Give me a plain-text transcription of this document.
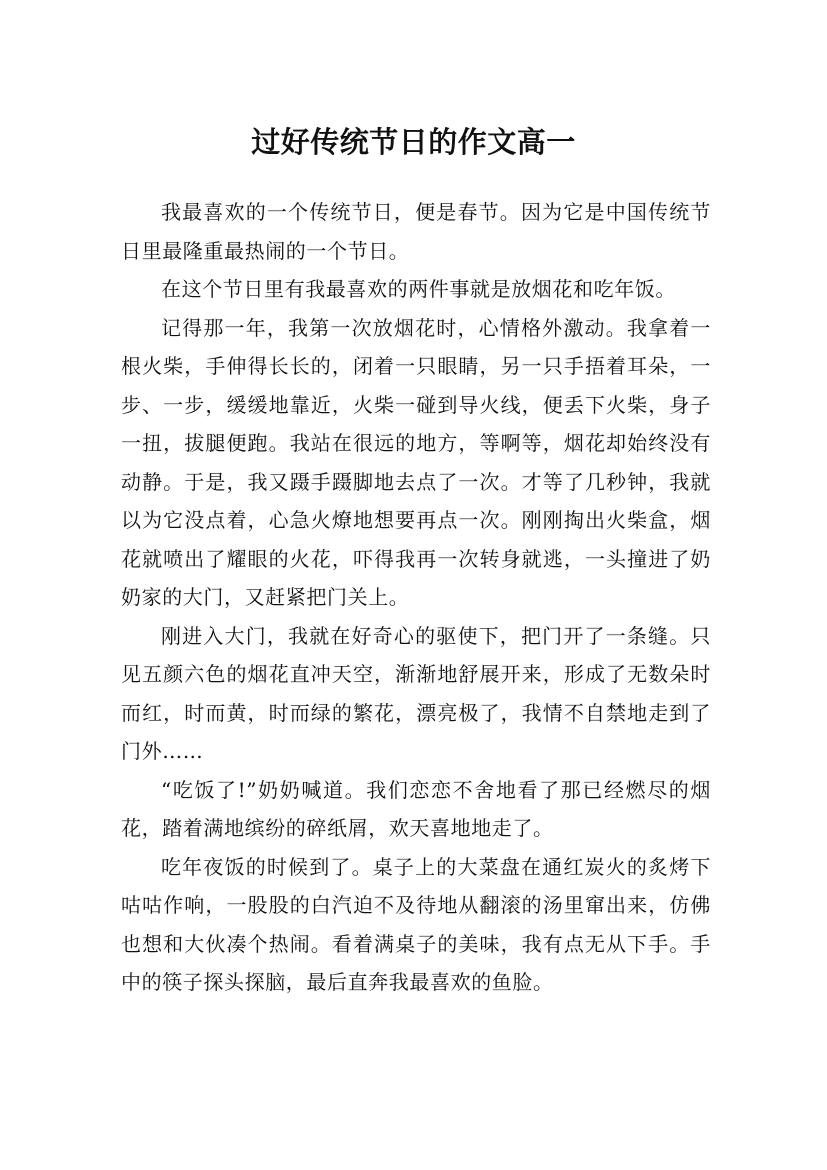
过好传统节日的作文高一

我最喜欢的一个传统节日，便是春节。因为它是中国传统节日里最隆重最热闹的一个节日。

在这个节日里有我最喜欢的两件事就是放烟花和吃年饭。

记得那一年，我第一次放烟花时，心情格外激动。我拿着一根火柴，手伸得长长的，闭着一只眼睛，另一只手捂着耳朵，一步、一步，缓缓地靠近，火柴一碰到导火线，便丢下火柴，身子一扭，拔腿便跑。我站在很远的地方，等啊等，烟花却始终没有动静。于是，我又蹑手蹑脚地去点了一次。才等了几秒钟，我就以为它没点着，心急火燎地想要再点一次。刚刚掏出火柴盒，烟花就喷出了耀眼的火花，吓得我再一次转身就逃，一头撞进了奶奶家的大门，又赶紧把门关上。

刚进入大门，我就在好奇心的驱使下，把门开了一条缝。只见五颜六色的烟花直冲天空，渐渐地舒展开来，形成了无数朵时而红，时而黄，时而绿的繁花，漂亮极了，我情不自禁地走到了门外……

“吃饭了!”奶奶喊道。我们恋恋不舍地看了那已经燃尽的烟花，踏着满地缤纷的碎纸屑，欢天喜地地走了。

吃年夜饭的时候到了。桌子上的大菜盘在通红炭火的炙烤下咕咕作响，一股股的白汽迫不及待地从翻滚的汤里窜出来，仿佛也想和大伙凑个热闹。看着满桌子的美味，我有点无从下手。手中的筷子探头探脑，最后直奔我最喜欢的鱼脸。
